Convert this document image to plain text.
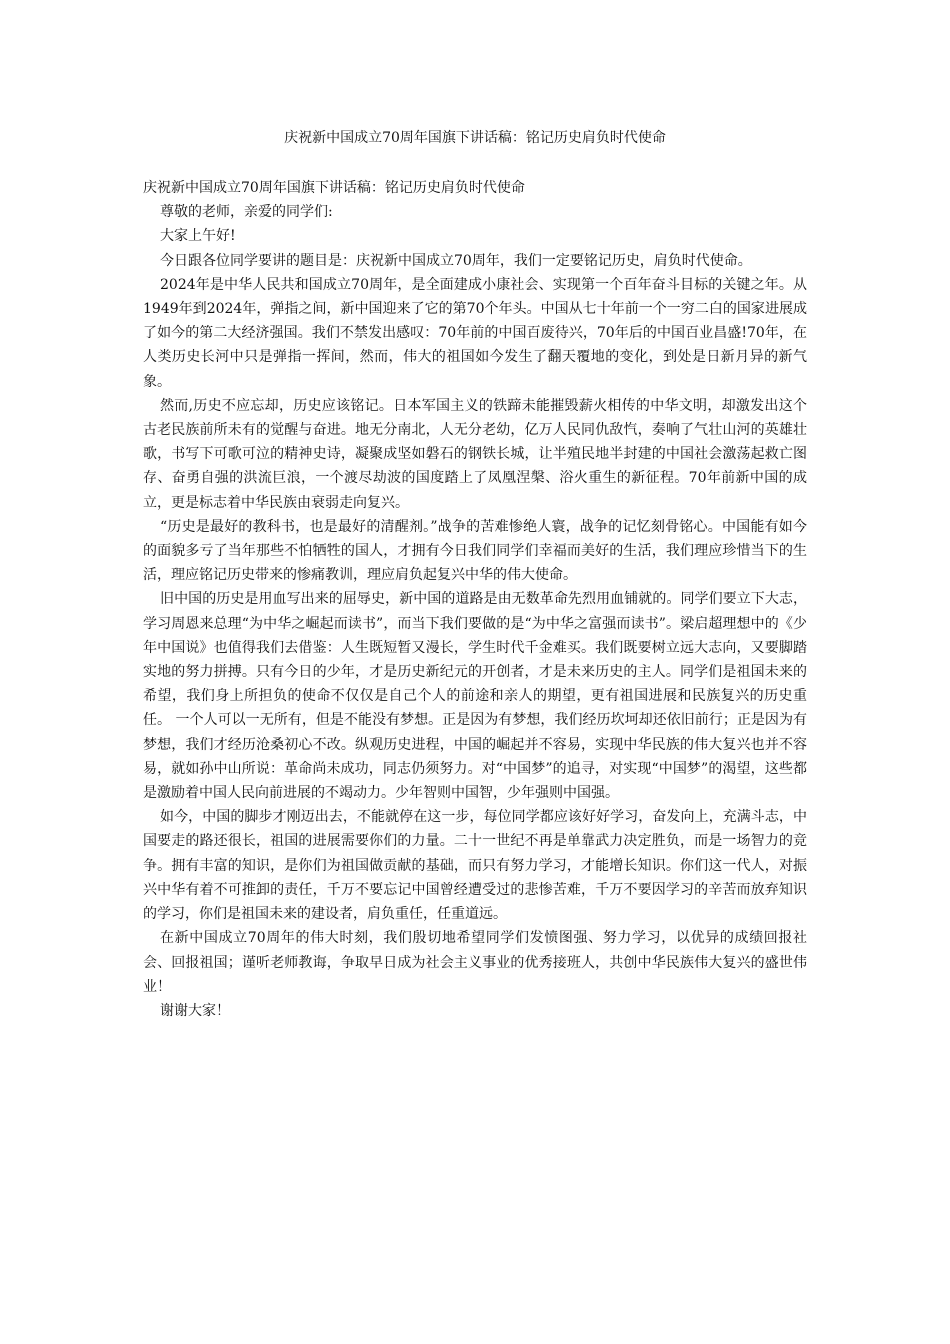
庆祝新中国成立70周年国旗下讲话稿：铭记历史肩负时代使命

庆祝新中国成立70周年国旗下讲话稿：铭记历史肩负时代使命

尊敬的老师，亲爱的同学们:

大家上午好!

今日跟各位同学要讲的题目是：庆祝新中国成立70周年，我们一定要铭记历史，肩负时代使命。

2024年是中华人民共和国成立70周年，是全面建成小康社会、实现第一个百年奋斗目标的关键之年。从1949年到2024年，弹指之间，新中国迎来了它的第70个年头。中国从七十年前一个一穷二白的国家进展成了如今的第二大经济强国。我们不禁发出感叹：70年前的中国百废待兴，70年后的中国百业昌盛!70年，在人类历史长河中只是弹指一挥间，然而，伟大的祖国如今发生了翻天覆地的变化，到处是日新月异的新气象。

然而,历史不应忘却，历史应该铭记。日本军国主义的铁蹄未能摧毁薪火相传的中华文明，却激发出这个古老民族前所未有的觉醒与奋进。地无分南北，人无分老幼，亿万人民同仇敌忾，奏响了气壮山河的英雄壮歌，书写下可歌可泣的精神史诗，凝聚成坚如磐石的钢铁长城，让半殖民地半封建的中国社会激荡起救亡图存、奋勇自强的洪流巨浪，一个渡尽劫波的国度踏上了凤凰涅槃、浴火重生的新征程。70年前新中国的成立，更是标志着中华民族由衰弱走向复兴。

“历史是最好的教科书，也是最好的清醒剂。”战争的苦难惨绝人寰，战争的记忆刻骨铭心。中国能有如今的面貌多亏了当年那些不怕牺牲的国人，才拥有今日我们同学们幸福而美好的生活，我们理应珍惜当下的生活，理应铭记历史带来的惨痛教训，理应肩负起复兴中华的伟大使命。

旧中国的历史是用血写出来的屈辱史，新中国的道路是由无数革命先烈用血铺就的。同学们要立下大志，学习周恩来总理“为中华之崛起而读书”，而当下我们要做的是“为中华之富强而读书”。梁启超理想中的《少年中国说》也值得我们去借鉴：人生既短暂又漫长，学生时代千金难买。我们既要树立远大志向，又要脚踏实地的努力拼搏。只有今日的少年，才是历史新纪元的开创者，才是未来历史的主人。同学们是祖国未来的希望，我们身上所担负的使命不仅仅是自己个人的前途和亲人的期望，更有祖国进展和民族复兴的历史重任。 一个人可以一无所有，但是不能没有梦想。正是因为有梦想，我们经历坎坷却还依旧前行；正是因为有梦想，我们才经历沧桑初心不改。纵观历史进程，中国的崛起并不容易，实现中华民族的伟大复兴也并不容易，就如孙中山所说：革命尚未成功，同志仍须努力。对“中国梦”的追寻，对实现“中国梦”的渴望，这些都是激励着中国人民向前进展的不竭动力。少年智则中国智，少年强则中国强。

如今，中国的脚步才刚迈出去，不能就停在这一步，每位同学都应该好好学习，奋发向上，充满斗志，中国要走的路还很长，祖国的进展需要你们的力量。二十一世纪不再是单靠武力决定胜负，而是一场智力的竞争。拥有丰富的知识，是你们为祖国做贡献的基础，而只有努力学习，才能增长知识。你们这一代人，对振兴中华有着不可推卸的责任，千万不要忘记中国曾经遭受过的悲惨苦难，千万不要因学习的辛苦而放弃知识的学习，你们是祖国未来的建设者，肩负重任，任重道远。

在新中国成立70周年的伟大时刻，我们殷切地希望同学们发愤图强、努力学习，以优异的成绩回报社会、回报祖国；谨听老师教诲，争取早日成为社会主义事业的优秀接班人，共创中华民族伟大复兴的盛世伟业！

谢谢大家！
